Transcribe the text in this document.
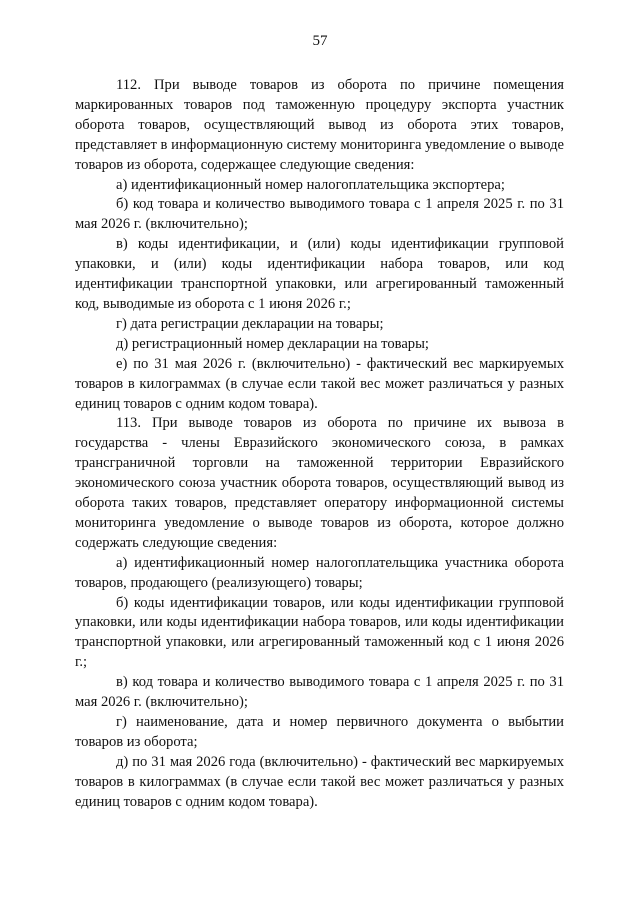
57

112. При выводе товаров из оборота по причине помещения маркированных товаров под таможенную процедуру экспорта участник оборота товаров, осуществляющий вывод из оборота этих товаров, представляет в информационную систему мониторинга уведомление о выводе товаров из оборота, содержащее следующие сведения:

а) идентификационный номер налогоплательщика экспортера;

б) код товара и количество выводимого товара с 1 апреля 2025 г. по 31 мая 2026 г. (включительно);

в) коды идентификации, и (или) коды идентификации групповой упаковки, и (или) коды идентификации набора товаров, или код идентификации транспортной упаковки, или агрегированный таможенный код, выводимые из оборота с 1 июня 2026 г.;

г) дата регистрации декларации на товары;

д) регистрационный номер декларации на товары;

е) по 31 мая 2026 г. (включительно) - фактический вес маркируемых товаров в килограммах (в случае если такой вес может различаться у разных единиц товаров с одним кодом товара).

113. При выводе товаров из оборота по причине их вывоза в государства - члены Евразийского экономического союза, в рамках трансграничной торговли на таможенной территории Евразийского экономического союза участник оборота товаров, осуществляющий вывод из оборота таких товаров, представляет оператору информационной системы мониторинга уведомление о выводе товаров из оборота, которое должно содержать следующие сведения:

а) идентификационный номер налогоплательщика участника оборота товаров, продающего (реализующего) товары;

б) коды идентификации товаров, или коды идентификации групповой упаковки, или коды идентификации набора товаров, или коды идентификации транспортной упаковки, или агрегированный таможенный код с 1 июня 2026 г.;

в) код товара и количество выводимого товара с 1 апреля 2025 г. по 31 мая 2026 г. (включительно);

г) наименование, дата и номер первичного документа о выбытии товаров из оборота;

д) по 31 мая 2026 года (включительно) - фактический вес маркируемых товаров в килограммах (в случае если такой вес может различаться у разных единиц товаров с одним кодом товара).
